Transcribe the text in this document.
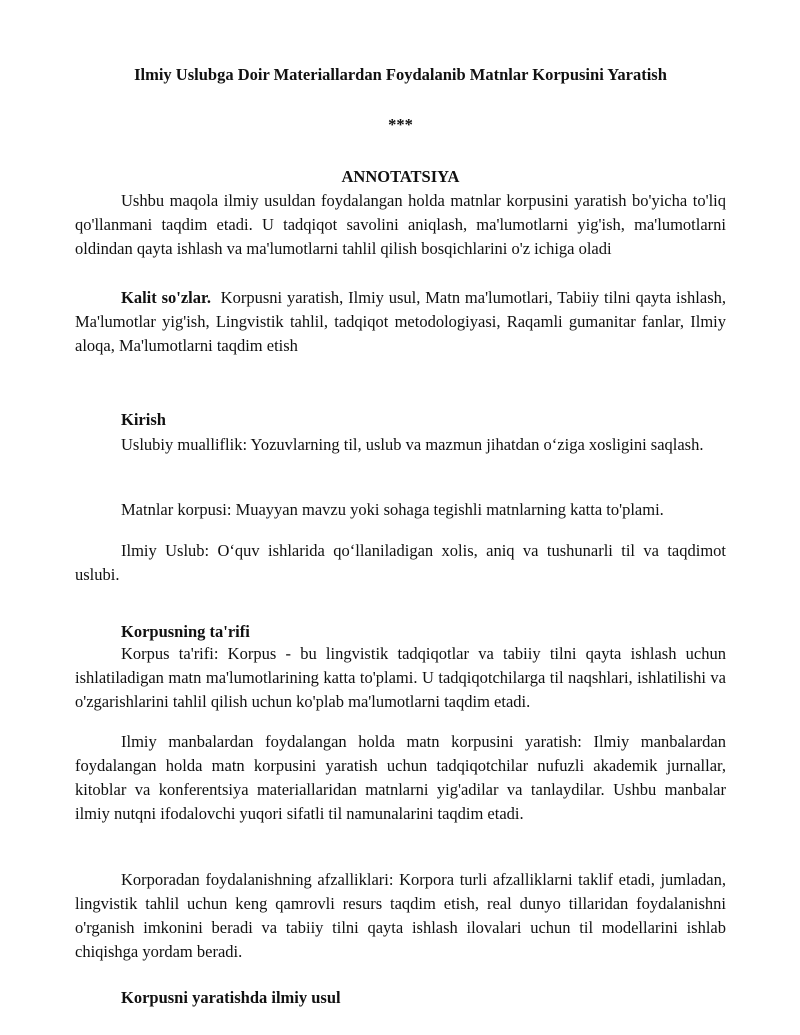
Ilmiy Uslubga Doir Materiallardan Foydalanib Matnlar Korpusini Yaratish
***
ANNOTATSIYA

Ushbu maqola ilmiy usuldan foydalangan holda matnlar korpusini yaratish bo'yicha to'liq qo'llanmani taqdim etadi. U tadqiqot savolini aniqlash, ma'lumotlarni yig'ish, ma'lumotlarni oldindan qayta ishlash va ma'lumotlarni tahlil qilish bosqichlarini o'z ichiga oladi

Kalit so'zlar. Korpusni yaratish, Ilmiy usul, Matn ma'lumotlari, Tabiiy tilni qayta ishlash, Ma'lumotlar yig'ish, Lingvistik tahlil, tadqiqot metodologiyasi, Raqamli gumanitar fanlar, Ilmiy aloqa, Ma'lumotlarni taqdim etish

Kirish

Uslubiy mualliflik: Yozuvlarning til, uslub va mazmun jihatdan o‘ziga xosligini saqlash.

Matnlar korpusi: Muayyan mavzu yoki sohaga tegishli matnlarning katta to'plami.

Ilmiy Uslub: O‘quv ishlarida qo‘llaniladigan xolis, aniq va tushunarli til va taqdimot uslubi.

Korpusning ta'rifi

Korpus ta'rifi: Korpus - bu lingvistik tadqiqotlar va tabiiy tilni qayta ishlash uchun ishlatiladigan matn ma'lumotlarining katta to'plami. U tadqiqotchilarga til naqshlari, ishlatilishi va o'zgarishlarini tahlil qilish uchun ko'plab ma'lumotlarni taqdim etadi.

Ilmiy manbalardan foydalangan holda matn korpusini yaratish: Ilmiy manbalardan foydalangan holda matn korpusini yaratish uchun tadqiqotchilar nufuzli akademik jurnallar, kitoblar va konferentsiya materiallaridan matnlarni yig'adilar va tanlaydilar. Ushbu manbalar ilmiy nutqni ifodalovchi yuqori sifatli til namunalarini taqdim etadi.

Korporadan foydalanishning afzalliklari: Korpora turli afzalliklarni taklif etadi, jumladan, lingvistik tahlil uchun keng qamrovli resurs taqdim etish, real dunyo tillaridan foydalanishni o'rganish imkonini beradi va tabiiy tilni qayta ishlash ilovalari uchun til modellarini ishlab chiqishga yordam beradi.

Korpusni yaratishda ilmiy usul
